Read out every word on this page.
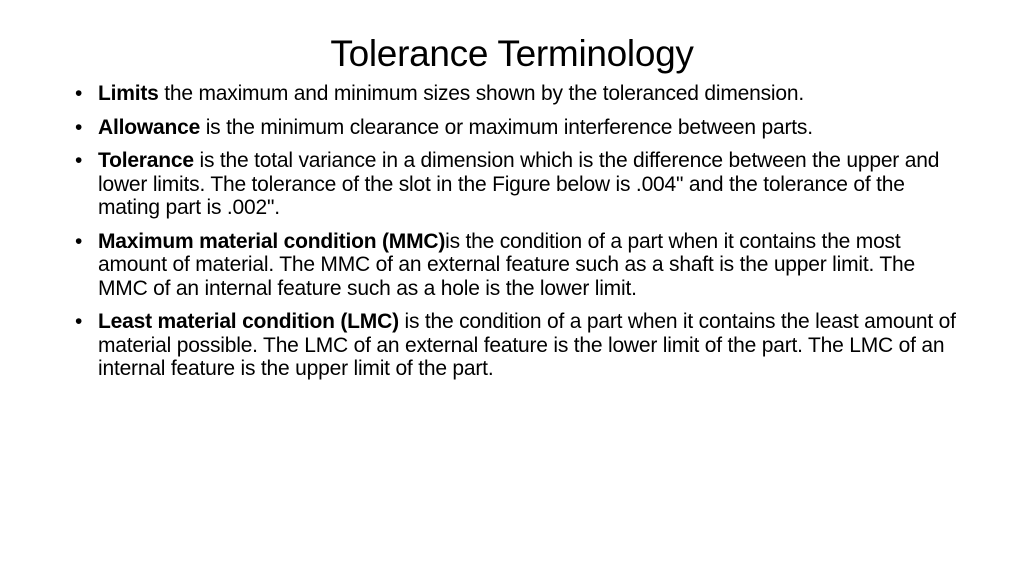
Tolerance Terminology
• Limits the maximum and minimum sizes shown by the toleranced dimension.
• Allowance is the minimum clearance or maximum interference between parts.
• Tolerance is the total variance in a dimension which is the difference between the upper and lower limits. The tolerance of the slot in the Figure below is .004" and the tolerance of the mating part is .002".
• Maximum material condition (MMC)is the condition of a part when it contains the most amount of material. The MMC of an external feature such as a shaft is the upper limit. The MMC of an internal feature such as a hole is the lower limit.
• Least material condition (LMC) is the condition of a part when it contains the least amount of material possible. The LMC of an external feature is the lower limit of the part. The LMC of an internal feature is the upper limit of the part.
